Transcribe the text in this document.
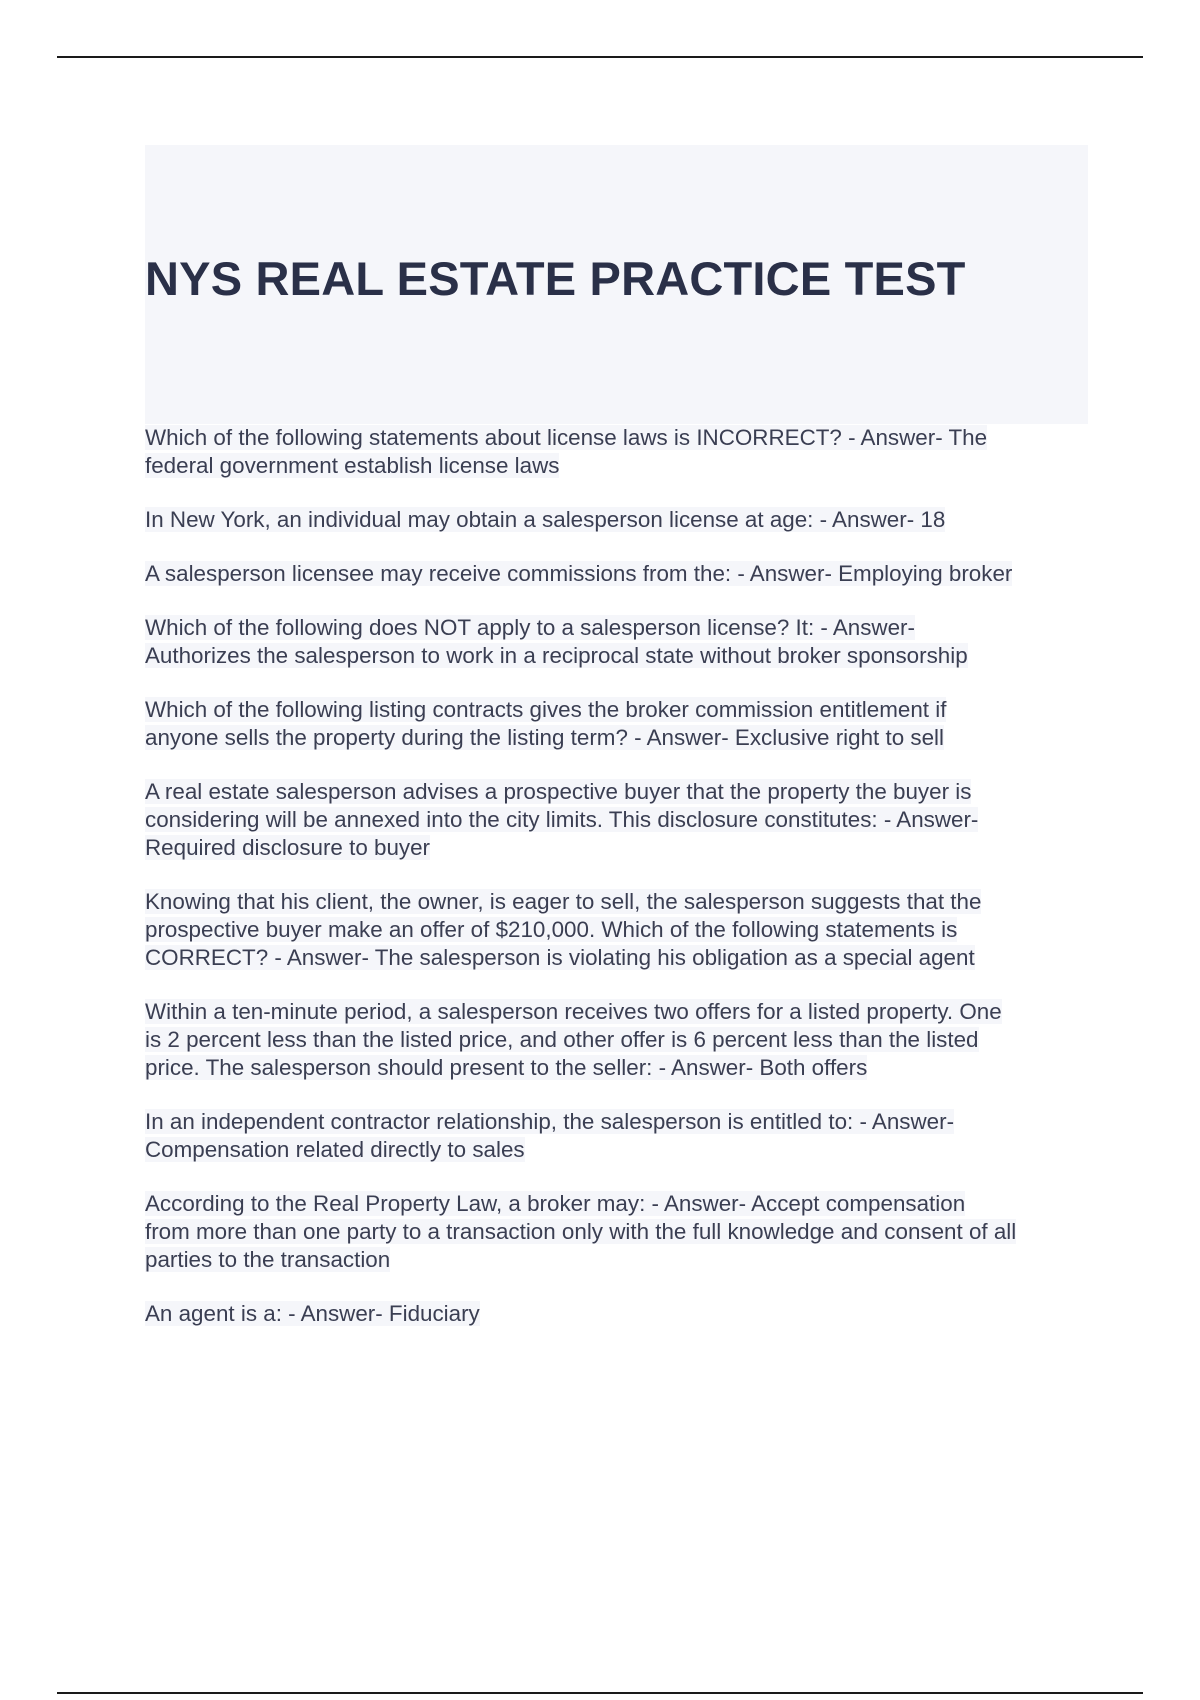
NYS REAL ESTATE PRACTICE TEST

Which of the following statements about license laws is INCORRECT? - Answer- The
federal government establish license laws

In New York, an individual may obtain a salesperson license at age: - Answer- 18

A salesperson licensee may receive commissions from the: - Answer- Employing broker

Which of the following does NOT apply to a salesperson license? It: - Answer-
Authorizes the salesperson to work in a reciprocal state without broker sponsorship

Which of the following listing contracts gives the broker commission entitlement if
anyone sells the property during the listing term? - Answer- Exclusive right to sell

A real estate salesperson advises a prospective buyer that the property the buyer is
considering will be annexed into the city limits. This disclosure constitutes: - Answer-
Required disclosure to buyer

Knowing that his client, the owner, is eager to sell, the salesperson suggests that the
prospective buyer make an offer of $210,000. Which of the following statements is
CORRECT? - Answer- The salesperson is violating his obligation as a special agent

Within a ten-minute period, a salesperson receives two offers for a listed property. One
is 2 percent less than the listed price, and other offer is 6 percent less than the listed
price. The salesperson should present to the seller: - Answer- Both offers

In an independent contractor relationship, the salesperson is entitled to: - Answer-
Compensation related directly to sales

According to the Real Property Law, a broker may: - Answer- Accept compensation
from more than one party to a transaction only with the full knowledge and consent of all
parties to the transaction

An agent is a: - Answer- Fiduciary
